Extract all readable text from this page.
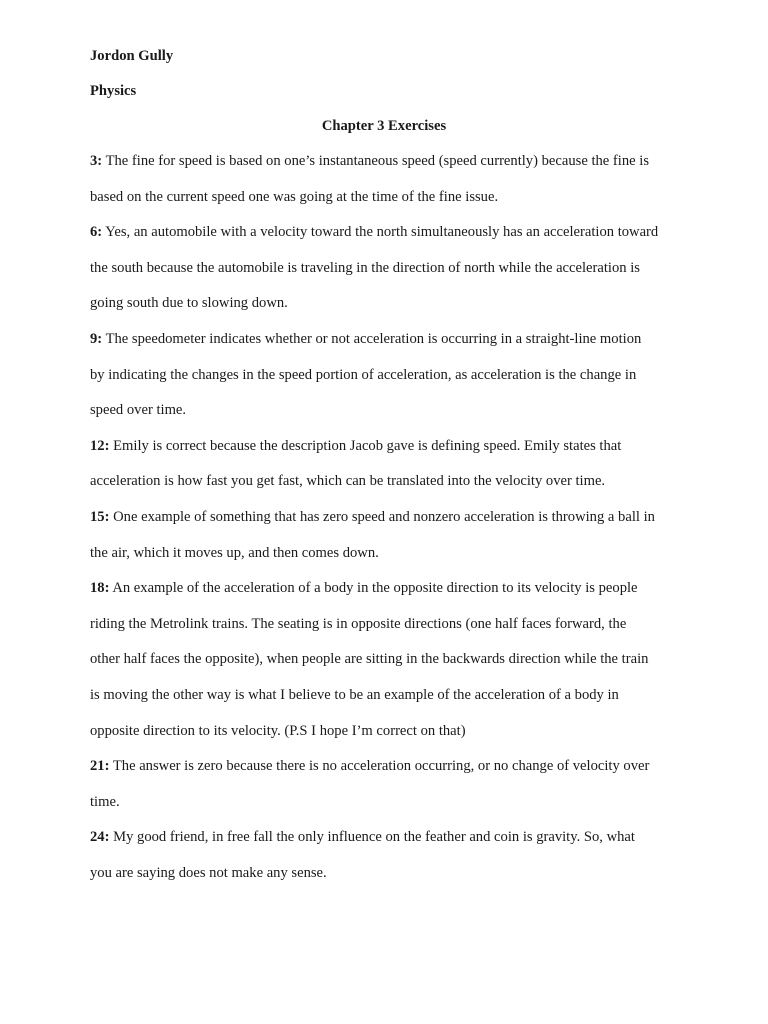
Jordon Gully
Physics
Chapter 3 Exercises
3: The fine for speed is based on one’s instantaneous speed (speed currently) because the fine is
based on the current speed one was going at the time of the fine issue.
6: Yes, an automobile with a velocity toward the north simultaneously has an acceleration toward
the south because the automobile is traveling in the direction of north while the acceleration is
going south due to slowing down.
9: The speedometer indicates whether or not acceleration is occurring in a straight-line motion
by indicating the changes in the speed portion of acceleration, as acceleration is the change in
speed over time.
12: Emily is correct because the description Jacob gave is defining speed. Emily states that
acceleration is how fast you get fast, which can be translated into the velocity over time.
15: One example of something that has zero speed and nonzero acceleration is throwing a ball in
the air, which it moves up, and then comes down.
18: An example of the acceleration of a body in the opposite direction to its velocity is people
riding the Metrolink trains. The seating is in opposite directions (one half faces forward, the
other half faces the opposite), when people are sitting in the backwards direction while the train
is moving the other way is what I believe to be an example of the acceleration of a body in
opposite direction to its velocity. (P.S I hope I’m correct on that)
21: The answer is zero because there is no acceleration occurring, or no change of velocity over
time.
24: My good friend, in free fall the only influence on the feather and coin is gravity. So, what
you are saying does not make any sense.
